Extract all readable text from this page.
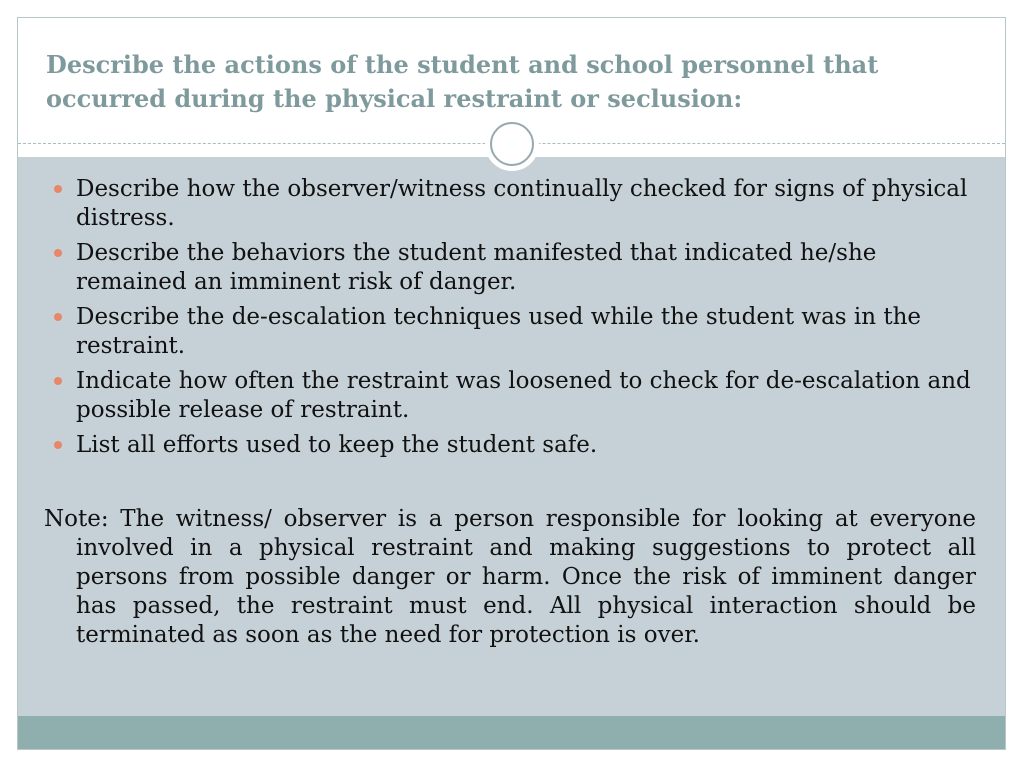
Describe the actions of the student and school personnel that occurred during the physical restraint or seclusion:
Describe how the observer/witness continually checked for signs of physical distress.
Describe the behaviors the student manifested that indicated he/she remained an imminent risk of danger.
Describe the de-escalation techniques used while the student was in the restraint.
Indicate how often the restraint was loosened to check for de-escalation and possible release of restraint.
List all efforts used to keep the student safe.

Note: The witness/ observer is a person responsible for looking at everyone involved in a physical restraint and making suggestions to protect all persons from possible danger or harm. Once the risk of imminent danger has passed, the restraint must end. All physical interaction should be terminated as soon as the need for protection is over.
